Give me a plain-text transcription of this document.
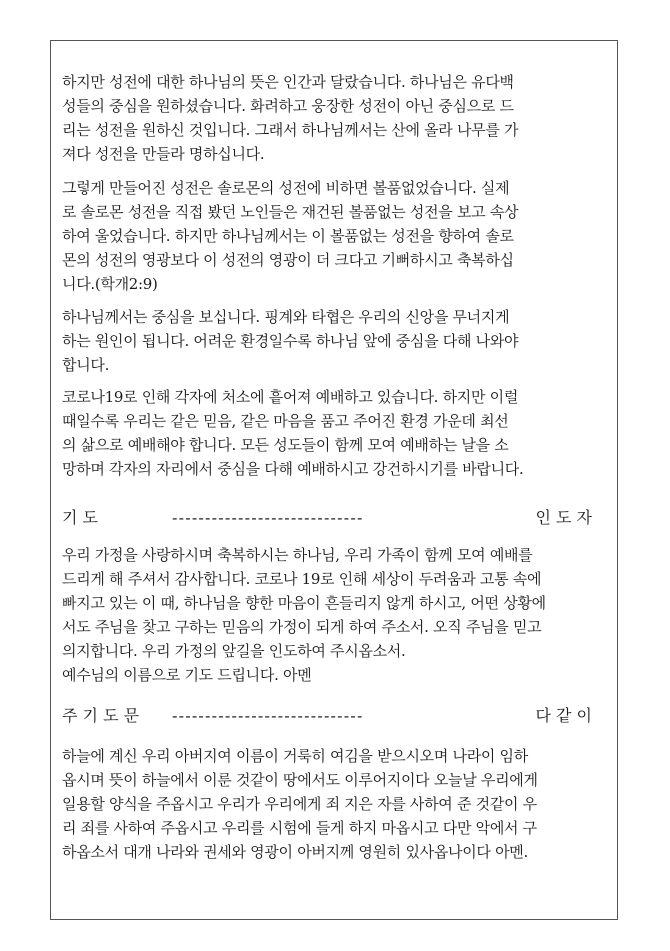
하지만 성전에 대한 하나님의 뜻은 인간과 달랐습니다. 하나님은 유다백
성들의 중심을 원하셨습니다. 화려하고 웅장한 성전이 아닌 중심으로 드
리는 성전을 원하신 것입니다. 그래서 하나님께서는 산에 올라 나무를 가
져다 성전을 만들라 명하십니다.
그렇게 만들어진 성전은 솔로몬의 성전에 비하면 볼품없었습니다. 실제
로 솔로몬 성전을 직접 봤던 노인들은 재건된 볼품없는 성전을 보고 속상
하여 울었습니다. 하지만 하나님께서는 이 볼품없는 성전을 향하여 솔로
몬의 성전의 영광보다 이 성전의 영광이 더 크다고 기뻐하시고 축복하십
니다.(학개2:9)
하나님께서는 중심을 보십니다. 핑계와 타협은 우리의 신앙을 무너지게
하는 원인이 됩니다. 어려운 환경일수록 하나님 앞에 중심을 다해 나와야
합니다.
코로나19로 인해 각자에 처소에 흩어져 예배하고 있습니다. 하지만 이럴
때일수록 우리는 같은 믿음, 같은 마음을 품고 주어진 환경 가운데 최선
의 삶으로 예배해야 합니다. 모든 성도들이 함께 모여 예배하는 날을 소
망하며 각자의 자리에서 중심을 다해 예배하시고 강건하시기를 바랍니다.
기 도	-----------------------------	인 도 자
우리 가정을 사랑하시며 축복하시는 하나님, 우리 가족이 함께 모여 예배를
드리게 해 주셔서 감사합니다. 코로나 19로 인해 세상이 두려움과 고통 속에
빠지고 있는 이 때, 하나님을 향한 마음이 흔들리지 않게 하시고, 어떤 상황에
서도 주님을 찾고 구하는 믿음의 가정이 되게 하여 주소서. 오직 주님을 믿고
의지합니다. 우리 가정의 앞길을 인도하여 주시옵소서.
예수님의 이름으로 기도 드립니다. 아멘
주 기 도 문 -----------------------------	다 같 이
하늘에 계신 우리 아버지여 이름이 거룩히 여김을 받으시오며 나라이 임하
옵시며 뜻이 하늘에서 이룬 것같이 땅에서도 이루어지이다 오늘날 우리에게
일용할 양식을 주옵시고 우리가 우리에게 죄 지은 자를 사하여 준 것같이 우
리 죄를 사하여 주옵시고 우리를 시험에 들게 하지 마옵시고 다만 악에서 구
하옵소서 대개 나라와 권세와 영광이 아버지께 영원히 있사옵나이다 아멘.
